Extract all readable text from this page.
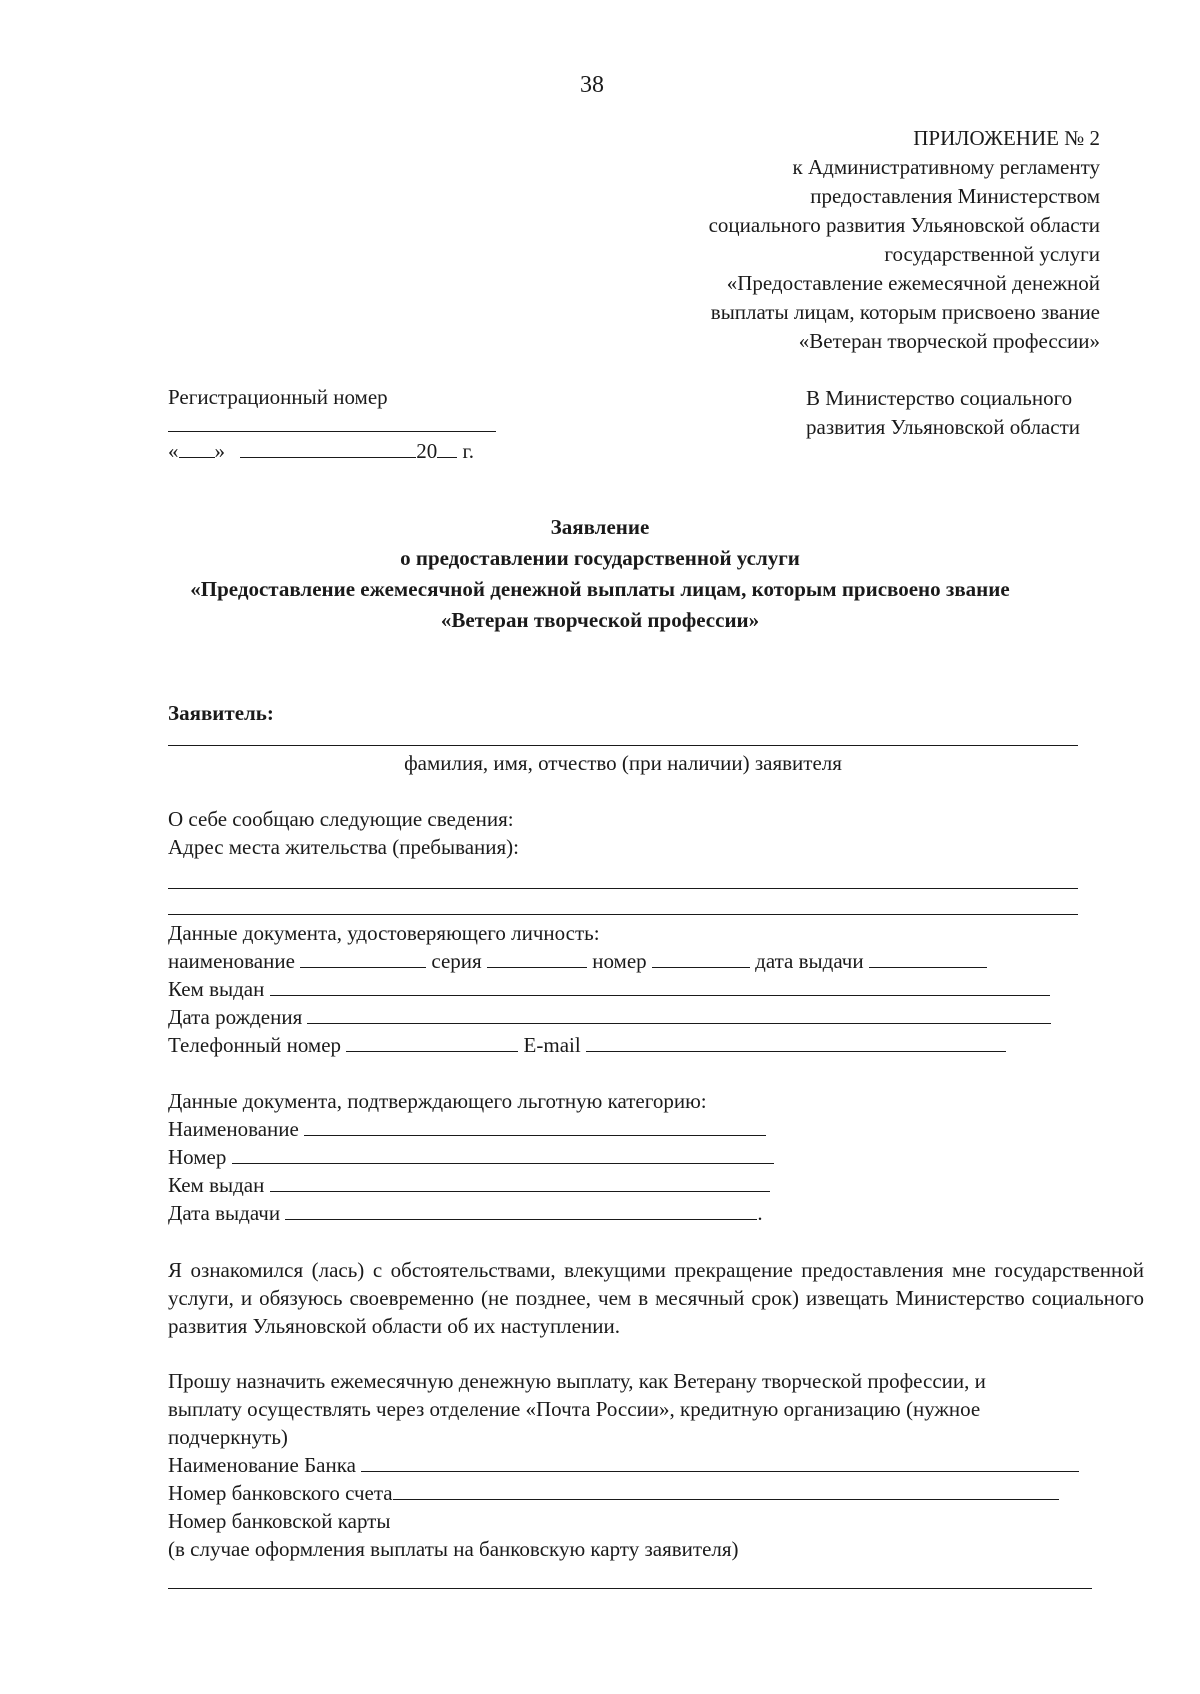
38
ПРИЛОЖЕНИЕ № 2
к Административному регламенту
предоставления Министерством
социального развития Ульяновской области
государственной услуги
«Предоставление ежемесячной денежной
выплаты лицам, которым присвоено звание
«Ветеран творческой профессии»
Регистрационный номер
« »	20 г.
В Министерство социального
развития Ульяновской области
Заявление
о предоставлении государственной услуги
«Предоставление ежемесячной денежной выплаты лицам, которым присвоено звание
«Ветеран творческой профессии»
Заявитель:
фамилия, имя, отчество (при наличии) заявителя
О себе сообщаю следующие сведения:
Адрес места жительства (пребывания):
Данные документа, удостоверяющего личность:
наименование	серия	номер	дата выдачи
Кем выдан
Дата рождения
Телефонный номер	E-mail
Данные документа, подтверждающего льготную категорию:
Наименование
Номер
Кем выдан
Дата выдачи	.
Я ознакомился (лась) с обстоятельствами, влекущими прекращение предоставления мне государственной услуги, и обязуюсь своевременно (не позднее, чем в месячный срок) извещать Министерство социального развития Ульяновской области об их наступлении.
Прошу назначить ежемесячную денежную выплату, как Ветерану творческой профессии, и
выплату осуществлять через отделение «Почта России», кредитную организацию (нужное
подчеркнуть)
Наименование Банка
Номер банковского счета
Номер банковской карты
(в случае оформления выплаты на банковскую карту заявителя)
